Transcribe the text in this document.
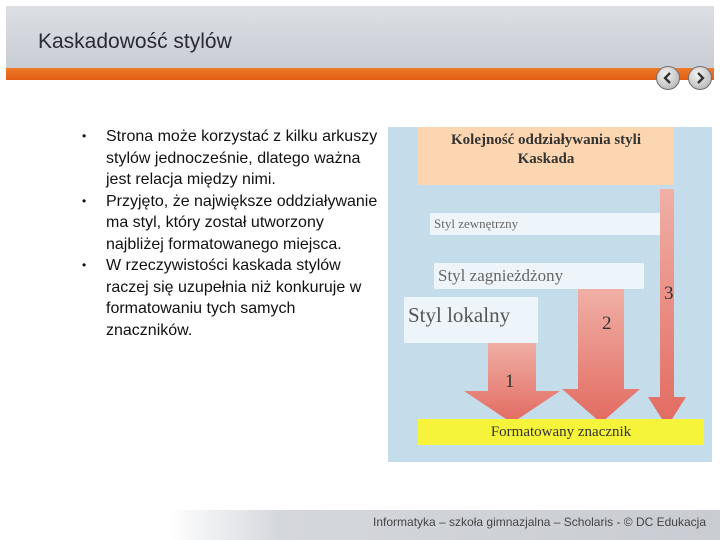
Kaskadowość stylów
• Strona może korzystać z kilku arkuszy stylów jednocześnie, dlatego ważna jest relacja między nimi.
• Przyjęto, że największe oddziaływanie ma styl, który został utworzony najbliżej formatowanego miejsca.
• W rzeczywistości kaskada stylów raczej się uzupełnia niż konkuruje w formatowaniu tych samych znaczników.
Kolejność oddziaływania styli
Kaskada
Styl zewnętrzny
Styl zagnieżdżony
Styl lokalny
Formatowany znacznik
1
2
3
Informatyka – szkoła gimnazjalna – Scholaris - © DC Edukacja
